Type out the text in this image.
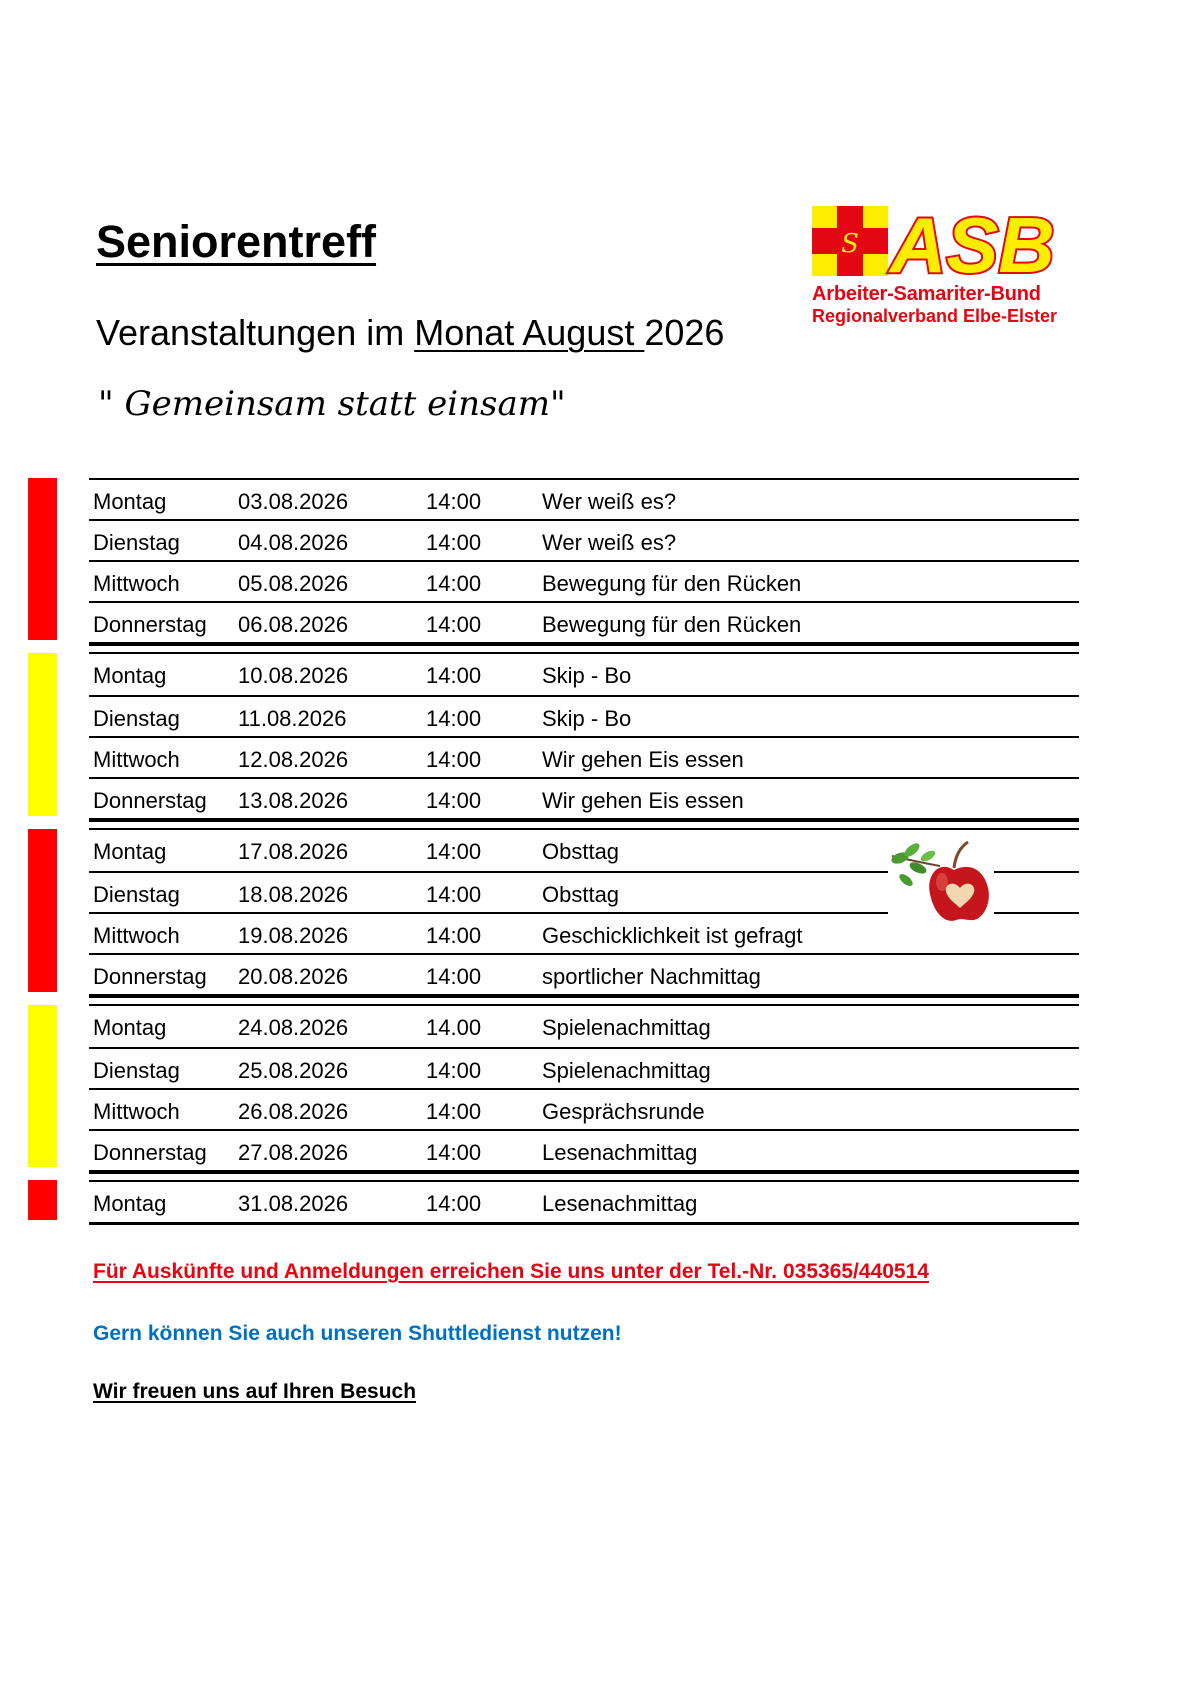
Seniorentreff
Veranstaltungen im Monat August 2026
" Gemeinsam statt einsam"
S ASB
Arbeiter-Samariter-Bund
Regionalverband Elbe-Elster
Montag	03.08.2026	14:00	Wer weiß es?
Dienstag	04.08.2026	14:00	Wer weiß es?
Mittwoch	05.08.2026	14:00	Bewegung für den Rücken
Donnerstag 06.08.2026	14:00	Bewegung für den Rücken
Montag	10.08.2026	14:00	Skip - Bo
Dienstag	11.08.2026	14:00	Skip - Bo
Mittwoch	12.08.2026	14:00	Wir gehen Eis essen
Donnerstag 13.08.2026	14:00	Wir gehen Eis essen
Montag	17.08.2026	14:00	Obsttag
Dienstag	18.08.2026	14:00	Obsttag
Mittwoch	19.08.2026	14:00	Geschicklichkeit ist gefragt
Donnerstag 20.08.2026	14:00	sportlicher Nachmittag
Montag	24.08.2026	14.00	Spielenachmittag
Dienstag	25.08.2026	14:00	Spielenachmittag
Mittwoch	26.08.2026	14:00	Gesprächsrunde
Donnerstag 27.08.2026	14:00	Lesenachmittag
Montag	31.08.2026	14:00	Lesenachmittag
Für Auskünfte und Anmeldungen erreichen Sie uns unter der Tel.-Nr. 035365/440514
Gern können Sie auch unseren Shuttledienst nutzen!
Wir freuen uns auf Ihren Besuch
